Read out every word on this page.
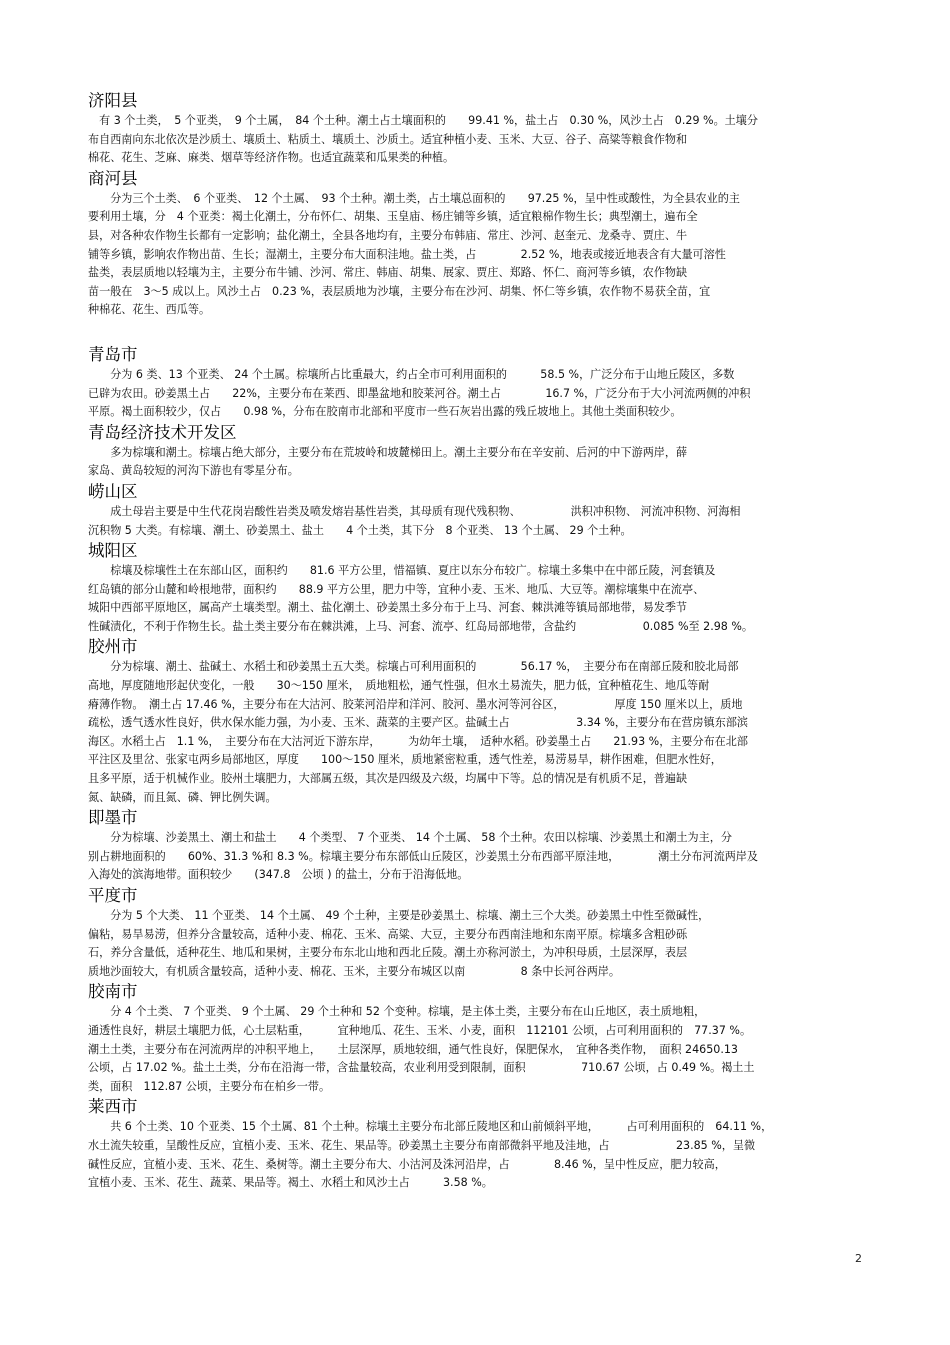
济阳县

　有 3 个土类，　5 个亚类，　9 个土属，　84 个土种。潮土占土壤面积的　　99.41 %，盐土占　0.30 %，风沙土占　0.29 %。土壤分

布自西南向东北依次是沙质土、壤质土、粘质土、壤质土、沙质土。适宜种植小麦、玉米、大豆、谷子、高粱等粮食作物和

棉花、花生、芝麻、麻类、烟草等经济作物。也适宜蔬菜和瓜果类的种植。

商河县

　　分为三个土类、　6 个亚类、　12 个土属、　93 个土种。潮土类，占土壤总面积的　　97.25 %，呈中性或酸性，为全县农业的主

要利用土壤，分　4 个亚类：褐土化潮土，分布怀仁、胡集、玉皇庙、杨庄铺等乡镇，适宜粮棉作物生长；典型潮土，遍布全

县，对各种农作物生长都有一定影响；盐化潮土，全县各地均有，主要分布韩庙、常庄、沙河、赵奎元、龙桑寺、贾庄、牛

铺等乡镇，影响农作物出苗、生长；湿潮土，主要分布大面积洼地。盐土类，占　　　　2.52 %，地表或接近地表含有大量可溶性

盐类，表层质地以轻壤为主，主要分布牛铺、沙河、常庄、韩庙、胡集、展家、贾庄、郑路、怀仁、商河等乡镇，农作物缺

苗一般在　3～5 成以上。风沙土占　0.23 %，表层质地为沙壤，主要分布在沙河、胡集、怀仁等乡镇，农作物不易获全苗，宜

种棉花、花生、西瓜等。

青岛市

　　分为 6 类、13 个亚类、 24 个土属。棕壤所占比重最大，约占全市可利用面积的　　　58.5 %，广泛分布于山地丘陵区，多数

已辟为农田。砂姜黑土占　　22%，主要分布在莱西、即墨盆地和胶莱河谷。潮土占　　　　16.7 %，广泛分布于大小河流两侧的冲积

平原。褐土面积较少，仅占　　0.98 %，分布在胶南市北部和平度市一些石灰岩出露的残丘坡地上。其他土类面积较少。

青岛经济技术开发区

　　多为棕壤和潮土。棕壤占绝大部分，主要分布在荒坡岭和坡麓梯田上。潮土主要分布在辛安前、后河的中下游两岸，薛

家岛、黄岛较短的河沟下游也有零星分布。

崂山区

　　成土母岩主要是中生代花岗岩酸性岩类及喷发熔岩基性岩类，其母质有现代残积物、　　　　　洪积冲积物、 河流冲积物、河海相

沉积物 5 大类。有棕壤、潮土、砂姜黑土、盐土　　4 个土类，其下分　8 个亚类、 13 个土属、 29 个土种。

城阳区

　　棕壤及棕壤性土在东部山区，面积约　　81.6 平方公里，惜福镇、夏庄以东分布较广。棕壤土多集中在中部丘陵，河套镇及

红岛镇的部分山麓和岭根地带，面积约　　88.9 平方公里，肥力中等，宜种小麦、玉米、地瓜、大豆等。潮棕壤集中在流亭、

城阳中西部平原地区，属高产土壤类型。潮土、盐化潮土、砂姜黑土多分布于上马、河套、棘洪滩等镇局部地带，易发季节

性碱渍化，不利于作物生长。盐土类主要分布在棘洪滩，上马、河套、流亭、红岛局部地带，含盐约　　　　　　0.085 %至 2.98 %。

胶州市

　　分为棕壤、潮土、盐碱土、水稻土和砂姜黑土五大类。棕壤占可利用面积的　　　　56.17 %，　主要分布在南部丘陵和胶北局部

高地，厚度随地形起伏变化，一般　　30～150 厘米，　质地粗松，通气性强，但水土易流失，肥力低，宜种植花生、地瓜等耐

瘠薄作物。　潮土占 17.46 %，主要分布在大沽河、胶莱河沿岸和洋河、胶河、墨水河等河谷区，　　　　　厚度 150 厘米以上，质地

疏松，透气透水性良好，供水保水能力强，为小麦、玉米、蔬菜的主要产区。盐碱土占　　　　　　3.34 %，主要分布在营房镇东部滨

海区。水稻土占　1.1 %，　主要分布在大沽河近下游东岸，　　　为幼年土壤，　适种水稻。砂姜墨土占　　21.93 %，主要分布在北部

平注区及里岔、张家屯两乡局部地区，厚度　　100～150 厘米，质地紧密粒重，透气性差，易涝易旱，耕作困难，但肥水性好，

且多平原，适于机械作业。胶州土壤肥力，大部属五级，其次是四级及六级，均属中下等。总的情况是有机质不足，普遍缺

氮、缺磷，而且氮、磷、钾比例失调。

即墨市

　　分为棕壤、沙姜黑土、潮土和盐土　　4 个类型、 7 个亚类、 14 个土属、 58 个土种。农田以棕壤、沙姜黑土和潮土为主，分

别占耕地面积的　　60%、31.3 %和 8.3 %。棕壤主要分布东部低山丘陵区，沙姜黑土分布西部平原洼地，　　　　潮土分布河流两岸及

入海处的滨海地带。面积较少　　(347.8　公顷 ) 的盐土，分布于沿海低地。

平度市

　　分为 5 个大类、 11 个亚类、 14 个土属、 49 个土种，主要是砂姜黑土、棕壤、潮土三个大类。砂姜黑土中性至微碱性，

偏粘，易旱易涝，但养分含量较高，适种小麦、棉花、玉米、高粱、大豆，主要分布西南洼地和东南平原。棕壤多含粗砂砾

石，养分含量低，适种花生、地瓜和果树，主要分布东北山地和西北丘陵。潮土亦称河淤土，为冲积母质，土层深厚，表层

质地沙面较大，有机质含量较高，适种小麦、棉花、玉米，主要分布城区以南　　　　　8 条中长河谷两岸。

胶南市

　　分 4 个土类、 7 个亚类、 9 个土属、 29 个土种和 52 个变种。棕壤，是主体土类，主要分布在山丘地区，表土质地粗，

通透性良好，耕层土壤肥力低，心土层粘重，　　　宜种地瓜、花生、玉米、小麦，面积　112101 公顷，占可利用面积的　77.37 %。

潮土土类，主要分布在河流两岸的冲积平地上，　　土层深厚，质地较细，通气性良好，保肥保水，　宜种各类作物，　面积 24650.13

公顷，占 17.02 %。盐土土类，分布在沿海一带，含盐量较高，农业利用受到限制，面积　　　　　710.67 公顷，占 0.49 %。褐土土

类，面积　112.87 公顷，主要分布在柏乡一带。

莱西市

　　共 6 个土类、10 个亚类、15 个土属、81 个土种。棕壤土主要分布北部丘陵地区和山前倾斜平地，　　　占可利用面积的　64.11 %，

水土流失较重，呈酸性反应，宜植小麦、玉米、花生、果品等。砂姜黑土主要分布南部微斜平地及洼地，占　　　　　　23.85 %，呈微

碱性反应，宜植小麦、玉米、花生、桑树等。潮土主要分布大、小沽河及洙河沿岸，占　　　　8.46 %，呈中性反应，肥力较高，

宜植小麦、玉米、花生、蔬菜、果品等。褐土、水稻土和风沙土占　　　3.58 %。

2
